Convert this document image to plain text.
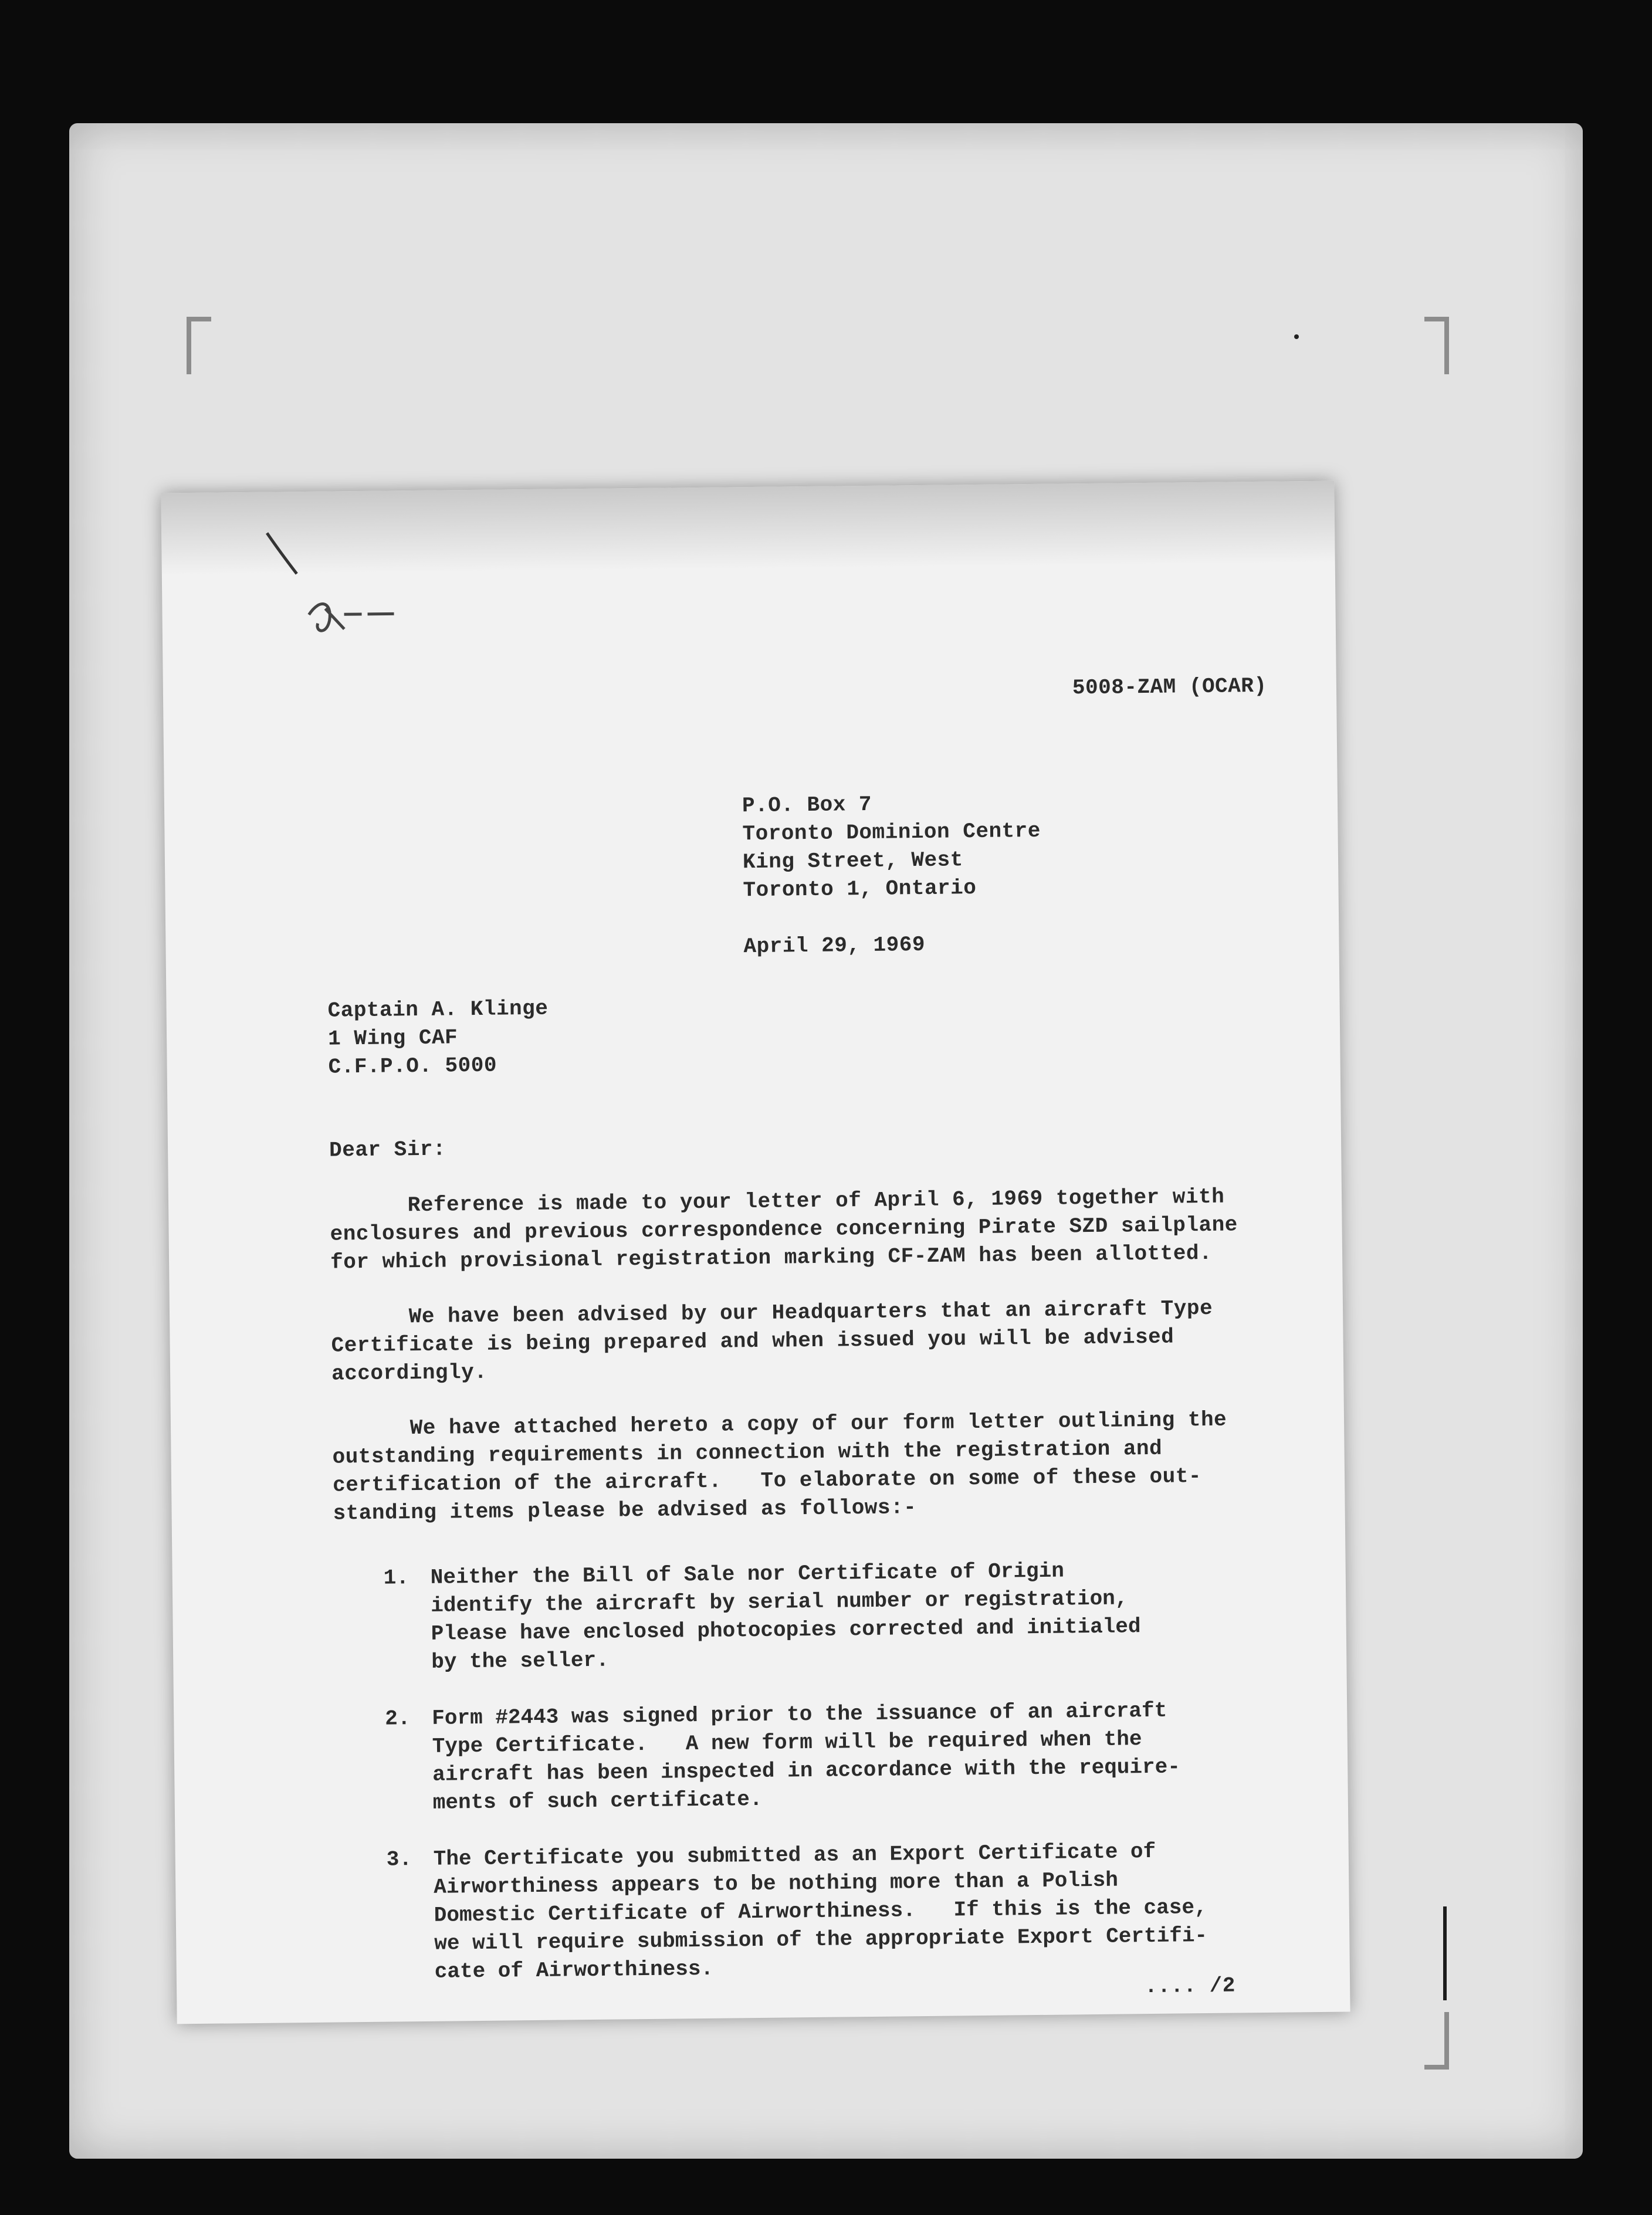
5008-ZAM (OCAR)
P.O. Box 7
Toronto Dominion Centre
King Street, West
Toronto 1, Ontario
April 29, 1969
Captain A. Klinge
1 Wing CAF
C.F.P.O. 5000
Dear Sir:
Reference is made to your letter of April 6, 1969 together with
enclosures and previous correspondence concerning Pirate SZD sailplane
for which provisional registration marking CF-ZAM has been allotted.
We have been advised by our Headquarters that an aircraft Type
Certificate is being prepared and when issued you will be advised
accordingly.
We have attached hereto a copy of our form letter outlining the
outstanding requirements in connection with the registration and
certification of the aircraft.   To elaborate on some of these out-
standing items please be advised as follows:-

1.

Neither the Bill of Sale nor Certificate of Origin
identify the aircraft by serial number or registration,
Please have enclosed photocopies corrected and initialed
by the seller.

2.

Form #2443 was signed prior to the issuance of an aircraft
Type Certificate.   A new form will be required when the
aircraft has been inspected in accordance with the require-
ments of such certificate.

3.

The Certificate you submitted as an Export Certificate of
Airworthiness appears to be nothing more than a Polish
Domestic Certificate of Airworthiness.   If this is the case,
we will require submission of the appropriate Export Certifi-
cate of Airworthiness.

.... /2
